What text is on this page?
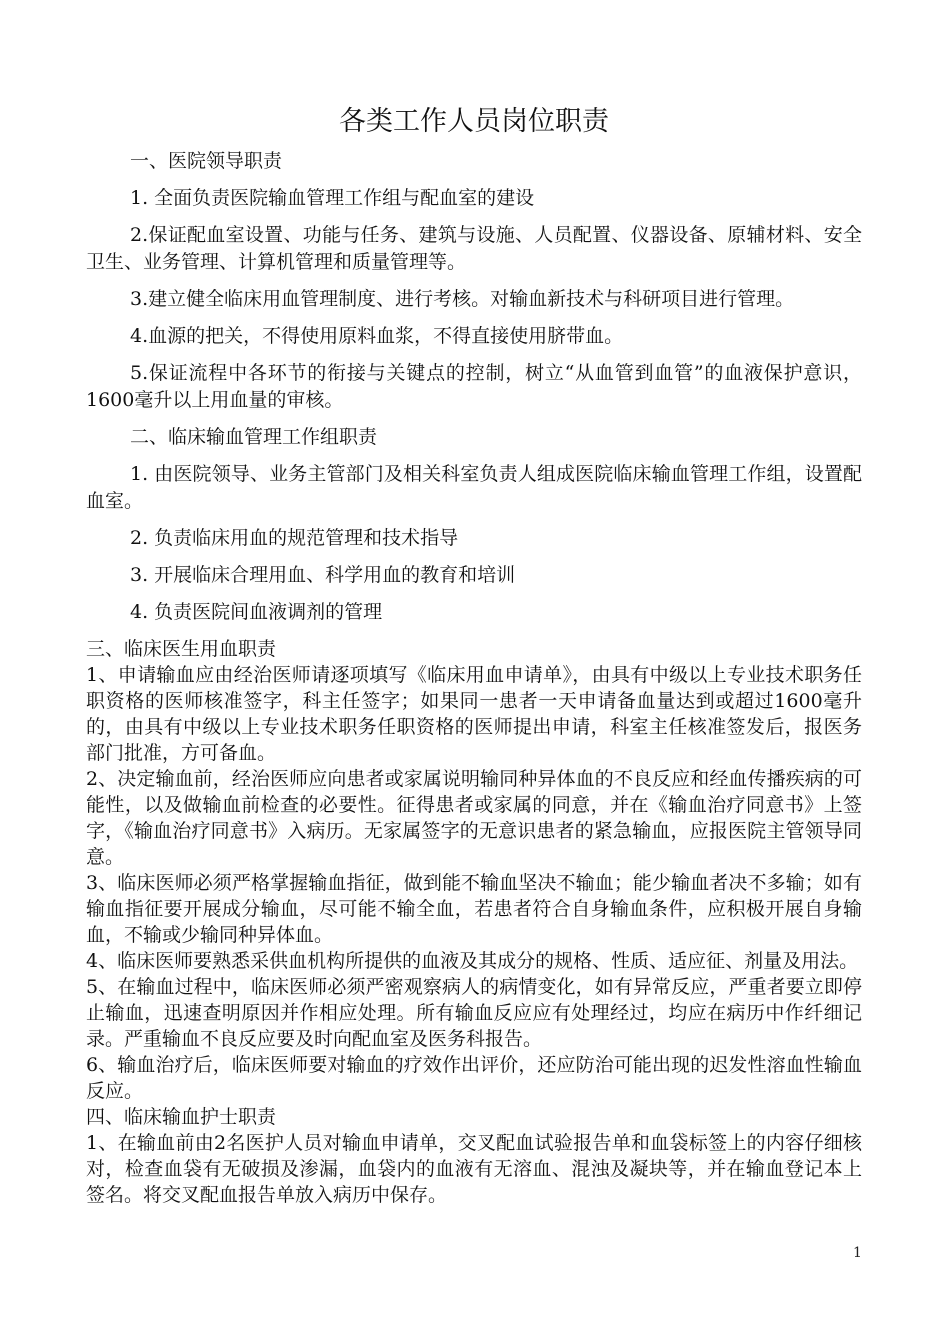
各类工作人员岗位职责
一、医院领导职责

1. 全面负责医院输血管理工作组与配血室的建设

2.保证配血室设置、功能与任务、建筑与设施、人员配置、仪器设备、原辅材料、安全卫生、业务管理、计算机管理和质量管理等。

3.建立健全临床用血管理制度、进行考核。对输血新技术与科研项目进行管理。

4.血源的把关，不得使用原料血浆，不得直接使用脐带血。

5.保证流程中各环节的衔接与关键点的控制，树立“从血管到血管”的血液保护意识，1600毫升以上用血量的审核。

二、临床输血管理工作组职责

1. 由医院领导、业务主管部门及相关科室负责人组成医院临床输血管理工作组，设置配血室。

2. 负责临床用血的规范管理和技术指导

3. 开展临床合理用血、科学用血的教育和培训

4. 负责医院间血液调剂的管理

三、临床医生用血职责

1、申请输血应由经治医师请逐项填写《临床用血申请单》，由具有中级以上专业技术职务任职资格的医师核准签字，科主任签字；如果同一患者一天申请备血量达到或超过1600毫升的，由具有中级以上专业技术职务任职资格的医师提出申请，科室主任核准签发后，报医务部门批准，方可备血。

2、决定输血前，经治医师应向患者或家属说明输同种异体血的不良反应和经血传播疾病的可能性，以及做输血前检查的必要性。征得患者或家属的同意，并在《输血治疗同意书》上签字，《输血治疗同意书》入病历。无家属签字的无意识患者的紧急输血，应报医院主管领导同意。

3、临床医师必须严格掌握输血指征，做到能不输血坚决不输血；能少输血者决不多输；如有输血指征要开展成分输血，尽可能不输全血，若患者符合自身输血条件，应积极开展自身输血，不输或少输同种异体血。

4、临床医师要熟悉采供血机构所提供的血液及其成分的规格、性质、适应征、剂量及用法。

5、在输血过程中，临床医师必须严密观察病人的病情变化，如有异常反应，严重者要立即停止输血，迅速查明原因并作相应处理。所有输血反应应有处理经过，均应在病历中作纤细记录。严重输血不良反应要及时向配血室及医务科报告。

6、输血治疗后，临床医师要对输血的疗效作出评价，还应防治可能出现的迟发性溶血性输血反应。

四、临床输血护士职责

1、在输血前由2名医护人员对输血申请单，交叉配血试验报告单和血袋标签上的内容仔细核对，检查血袋有无破损及渗漏，血袋内的血液有无溶血、混浊及凝块等，并在输血登记本上签名。将交叉配血报告单放入病历中保存。

1
